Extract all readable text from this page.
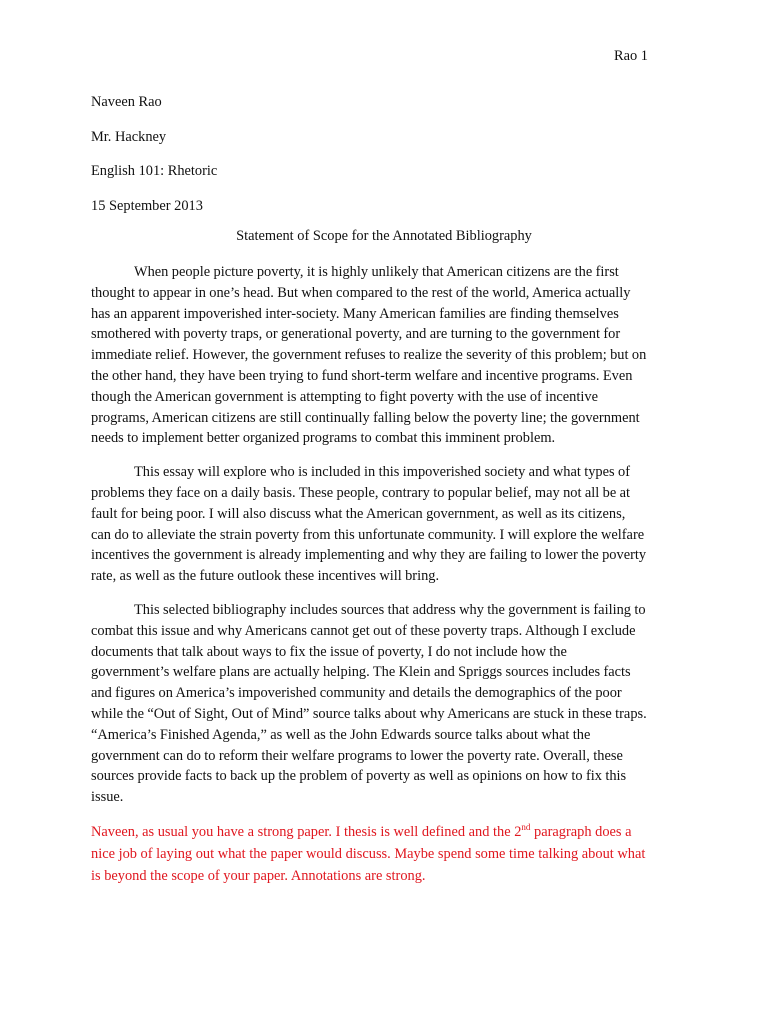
Rao 1
Naveen Rao
Mr. Hackney
English 101: Rhetoric
15 September 2013
Statement of Scope for the Annotated Bibliography

When people picture poverty, it is highly unlikely that American citizens are the first
thought to appear in one’s head. But when compared to the rest of the world, America actually
has an apparent impoverished inter-society. Many American families are finding themselves
smothered with poverty traps, or generational poverty, and are turning to the government for
immediate relief. However, the government refuses to realize the severity of this problem; but on
the other hand, they have been trying to fund short-term welfare and incentive programs. Even
though the American government is attempting to fight poverty with the use of incentive
programs, American citizens are still continually falling below the poverty line; the government
needs to implement better organized programs to combat this imminent problem.

This essay will explore who is included in this impoverished society and what types of
problems they face on a daily basis. These people, contrary to popular belief, may not all be at
fault for being poor. I will also discuss what the American government, as well as its citizens,
can do to alleviate the strain poverty from this unfortunate community. I will explore the welfare
incentives the government is already implementing and why they are failing to lower the poverty
rate, as well as the future outlook these incentives will bring.

This selected bibliography includes sources that address why the government is failing to
combat this issue and why Americans cannot get out of these poverty traps. Although I exclude
documents that talk about ways to fix the issue of poverty, I do not include how the
government’s welfare plans are actually helping. The Klein and Spriggs sources includes facts
and figures on America’s impoverished community and details the demographics of the poor
while the “Out of Sight, Out of Mind” source talks about why Americans are stuck in these traps.
“America’s Finished Agenda,” as well as the John Edwards source talks about what the
government can do to reform their welfare programs to lower the poverty rate. Overall, these
sources provide facts to back up the problem of poverty as well as opinions on how to fix this
issue.

Naveen, as usual you have a strong paper. I thesis is well defined and the 2nd paragraph does a
nice job of laying out what the paper would discuss. Maybe spend some time talking about what
is beyond the scope of your paper. Annotations are strong.
